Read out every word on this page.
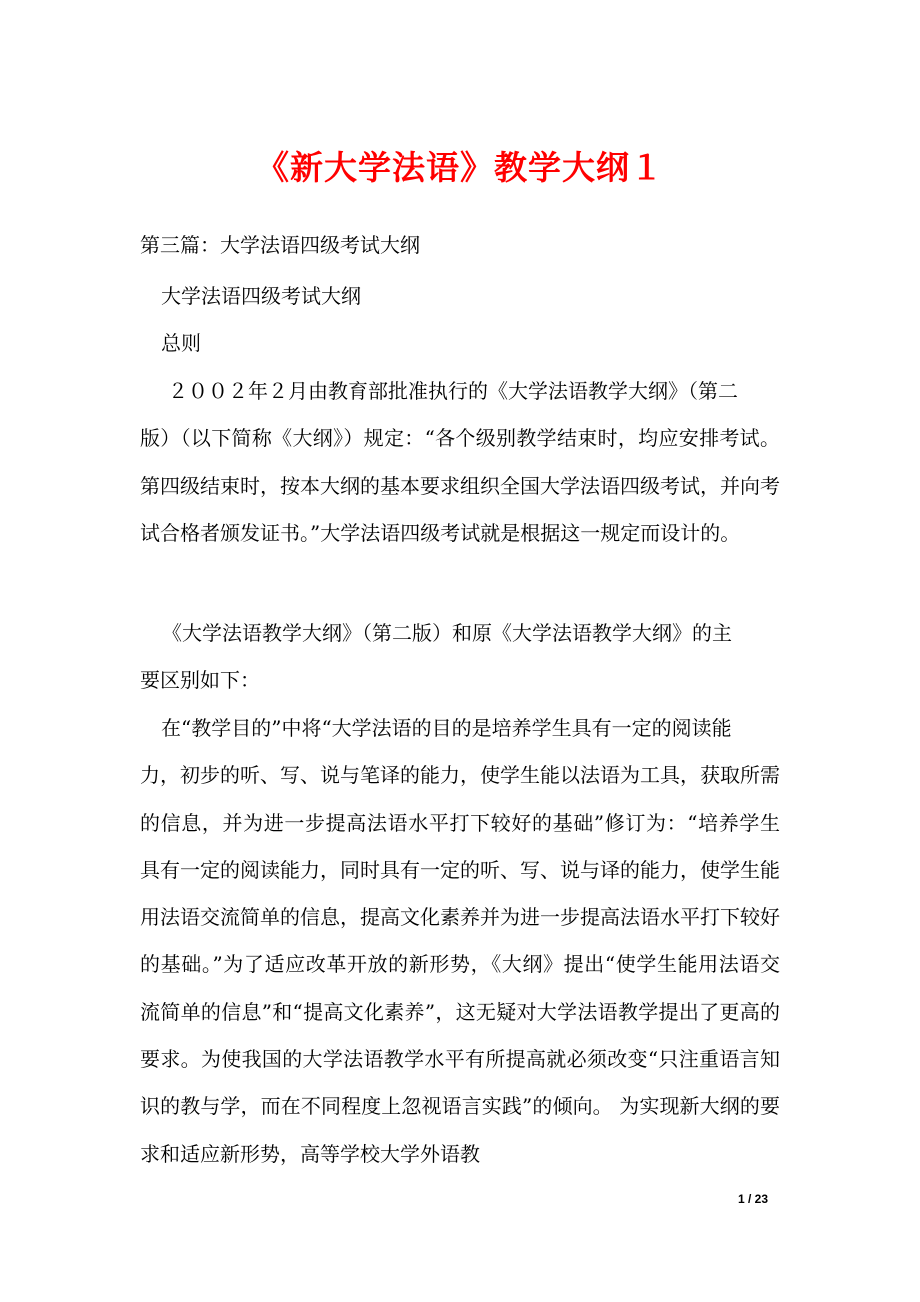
《新大学法语》教学大纲１
第三篇：大学法语四级考试大纲
大学法语四级考试大纲
总则
２００２年２月由教育部批准执行的《大学法语教学大纲》（第二
版）（以下简称《大纲》）规定：“各个级别教学结束时，均应安排考试。第四级结束时，按本大纲的基本要求组织全国大学法语四级考试，并向考试合格者颁发证书。”大学法语四级考试就是根据这一规定而设计的。
《大学法语教学大纲》（第二版）和原《大学法语教学大纲》的主
要区别如下：
在“教学目的”中将“大学法语的目的是培养学生具有一定的阅读能
力，初步的听、写、说与笔译的能力，使学生能以法语为工具，获取所需的信息，并为进一步提高法语水平打下较好的基础”修订为：“培养学生具有一定的阅读能力，同时具有一定的听、写、说与译的能力，使学生能用法语交流简单的信息，提高文化素养并为进一步提高法语水平打下较好的基础。”为了适应改革开放的新形势，《大纲》提出“使学生能用法语交流简单的信息”和“提高文化素养”，这无疑对大学法语教学提出了更高的要求。为使我国的大学法语教学水平有所提高就必须改变“只注重语言知识的教与学，而在不同程度上忽视语言实践”的倾向。 为实现新大纲的要求和适应新形势，高等学校大学外语教
1 / 23
